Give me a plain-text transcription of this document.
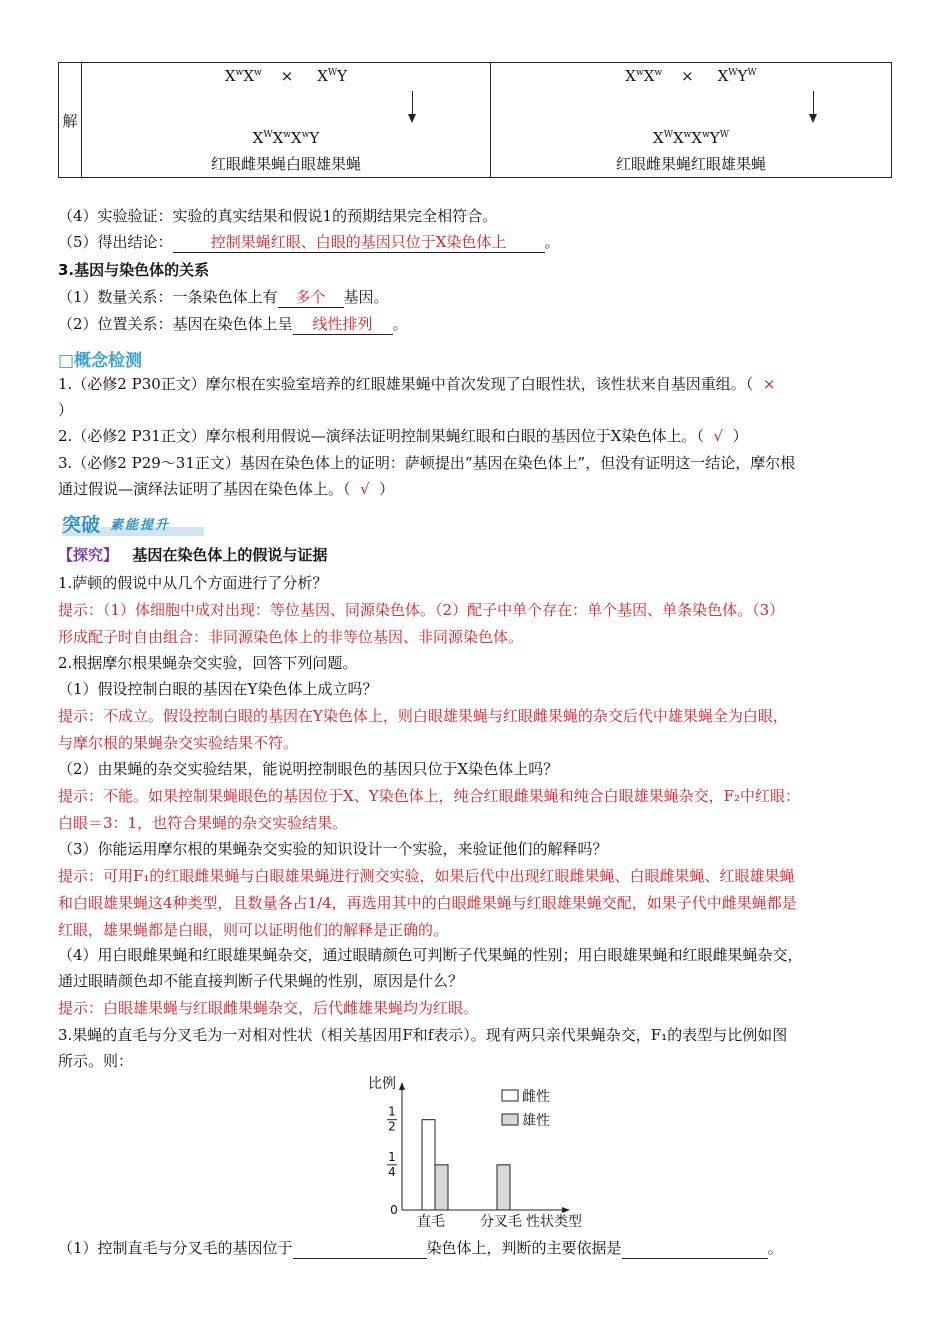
解	
$X^wX^w$    ×     $X^WY$
$X^WX^wX^wY$
红眼雌果蝇白眼雄果蝇

$X^wX^w$    ×     $X^WY^W$
$X^WX^wX^wY^W$
红眼雌果蝇红眼雄果蝇
（4）实验验证：实验的真实结果和假说1的预期结果完全相符合。
（5）得出结论：	控制果蝇红眼、白眼的基因只位于X染色体上	。
3.基因与染色体的关系
（1）数量关系：一条染色体上有 多个 基因。
（2）位置关系：基因在染色体上呈 线性排列 。
□概念检测
1.（必修2 P30正文）摩尔根在实验室培养的红眼雄果蝇中首次发现了白眼性状，该性状来自基因重组。（ ×
）
2.（必修2 P31正文）摩尔根利用假说—演绎法证明控制果蝇红眼和白眼的基因位于X染色体上。（ √ ）
3.（必修2 P29～31正文）基因在染色体上的证明：萨顿提出“基因在染色体上”，但没有证明这一结论，摩尔根
通过假说—演绎法证明了基因在染色体上。（ √ ）
突破 素能提升
【探究】 基因在染色体上的假说与证据
1.萨顿的假说中从几个方面进行了分析？
提示：（1）体细胞中成对出现：等位基因、同源染色体。（2）配子中单个存在：单个基因、单条染色体。（3）
形成配子时自由组合：非同源染色体上的非等位基因、非同源染色体。
2.根据摩尔根果蝇杂交实验，回答下列问题。
（1）假设控制白眼的基因在Y染色体上成立吗？
提示：不成立。假设控制白眼的基因在Y染色体上，则白眼雄果蝇与红眼雌果蝇的杂交后代中雄果蝇全为白眼，
与摩尔根的果蝇杂交实验结果不符。
（2）由果蝇的杂交实验结果，能说明控制眼色的基因只位于X染色体上吗？
提示：不能。如果控制果蝇眼色的基因位于X、Y染色体上，纯合红眼雌果蝇和纯合白眼雄果蝇杂交，F₂中红眼：
白眼＝3：1，也符合果蝇的杂交实验结果。
（3）你能运用摩尔根的果蝇杂交实验的知识设计一个实验，来验证他们的解释吗？
提示：可用F₁的红眼雌果蝇与白眼雄果蝇进行测交实验，如果后代中出现红眼雌果蝇、白眼雌果蝇、红眼雄果蝇
和白眼雄果蝇这4种类型，且数量各占1/4，再选用其中的白眼雌果蝇与红眼雄果蝇交配，如果子代中雌果蝇都是
红眼，雄果蝇都是白眼，则可以证明他们的解释是正确的。
（4）用白眼雌果蝇和红眼雄果蝇杂交，通过眼睛颜色可判断子代果蝇的性别；用白眼雄果蝇和红眼雌果蝇杂交，
通过眼睛颜色却不能直接判断子代果蝇的性别，原因是什么？
提示：白眼雄果蝇与红眼雌果蝇杂交，后代雌雄果蝇均为红眼。
3.果蝇的直毛与分叉毛为一对相对性状（相关基因用F和f表示）。现有两只亲代果蝇杂交，F₁的表型与比例如图
所示。则：
比例
性状类型
0
1
4
1
2
直毛	分叉毛
雌性
雄性
（1）控制直毛与分叉毛的基因位于	染色体上，判断的主要依据是	。
